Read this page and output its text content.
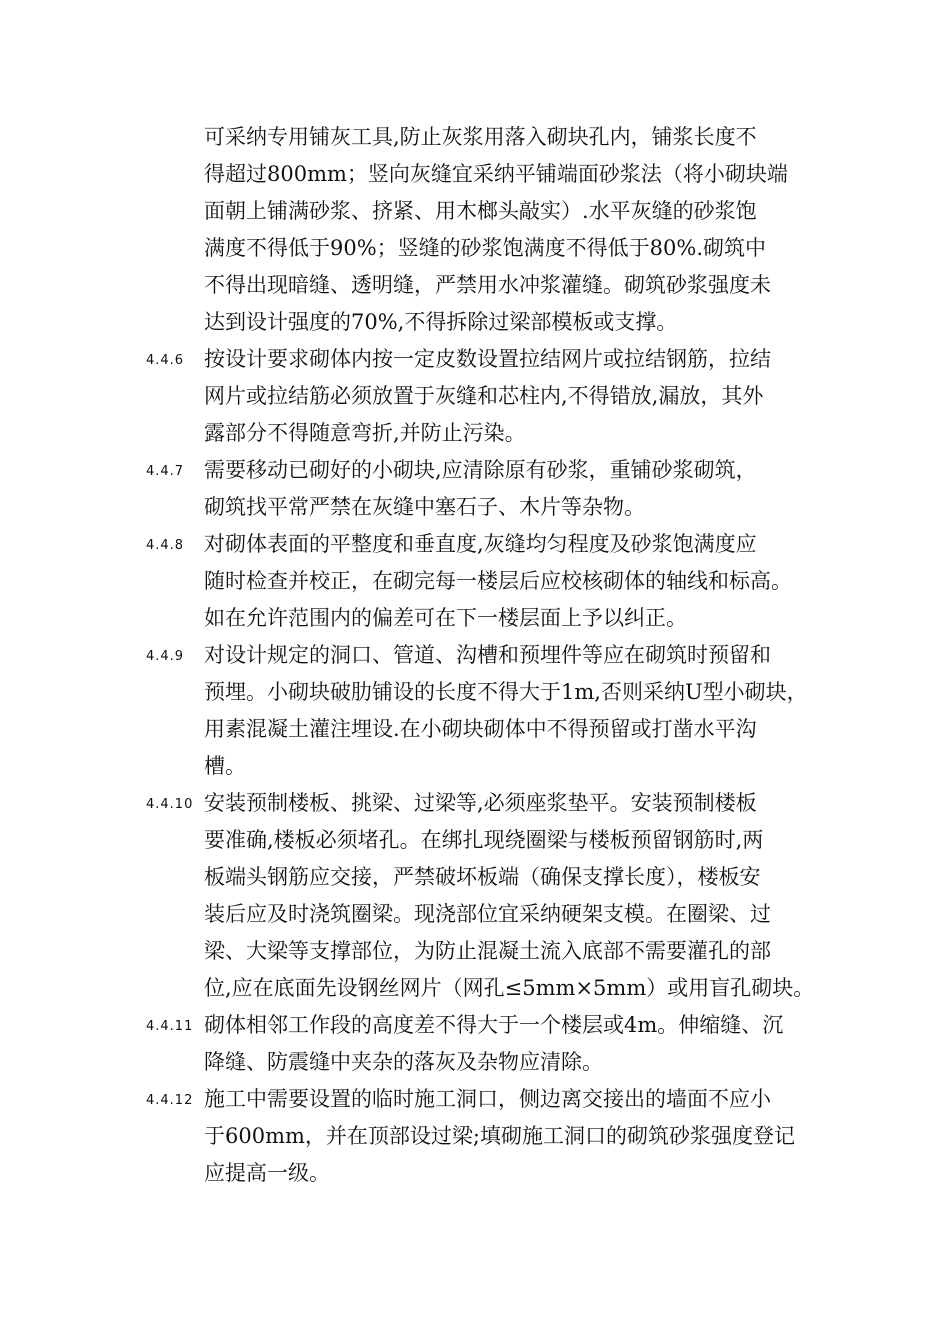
可采纳专用铺灰工具,防止灰浆用落入砌块孔内，铺浆长度不
得超过800mm；竖向灰缝宜采纳平铺端面砂浆法（将小砌块端
面朝上铺满砂浆、挤紧、用木榔头敲实）.水平灰缝的砂浆饱
满度不得低于90%；竖缝的砂浆饱满度不得低于80%.砌筑中
不得出现暗缝、透明缝，严禁用水冲浆灌缝。砌筑砂浆强度未
达到设计强度的70%,不得拆除过梁部模板或支撑。
4.4.6 按设计要求砌体内按一定皮数设置拉结网片或拉结钢筋，拉结
网片或拉结筋必须放置于灰缝和芯柱内,不得错放,漏放，其外
露部分不得随意弯折,并防止污染。
4.4.7 需要移动已砌好的小砌块,应清除原有砂浆，重铺砂浆砌筑，
砌筑找平常严禁在灰缝中塞石子、木片等杂物。
4.4.8 对砌体表面的平整度和垂直度,灰缝均匀程度及砂浆饱满度应
随时检查并校正，在砌完每一楼层后应校核砌体的轴线和标高。
如在允许范围内的偏差可在下一楼层面上予以纠正。
4.4.9 对设计规定的洞口、管道、沟槽和预埋件等应在砌筑时预留和
预埋。小砌块破肋铺设的长度不得大于1m,否则采纳U型小砌块，
用素混凝土灌注埋设.在小砌块砌体中不得预留或打凿水平沟
槽。
4.4.10 安装预制楼板、挑梁、过梁等,必须座浆垫平。安装预制楼板
要准确,楼板必须堵孔。在绑扎现绕圈梁与楼板预留钢筋时,两
板端头钢筋应交接，严禁破坏板端（确保支撑长度），楼板安
装后应及时浇筑圈梁。现浇部位宜采纳硬架支模。在圈梁、过
梁、大梁等支撑部位，为防止混凝土流入底部不需要灌孔的部
位,应在底面先设钢丝网片（网孔≤5mm×5mm）或用盲孔砌块。
4.4.11 砌体相邻工作段的高度差不得大于一个楼层或4m。伸缩缝、沉
降缝、防震缝中夹杂的落灰及杂物应清除。
4.4.12 施工中需要设置的临时施工洞口，侧边离交接出的墙面不应小
于600mm，并在顶部设过梁;填砌施工洞口的砌筑砂浆强度登记
应提高一级。
